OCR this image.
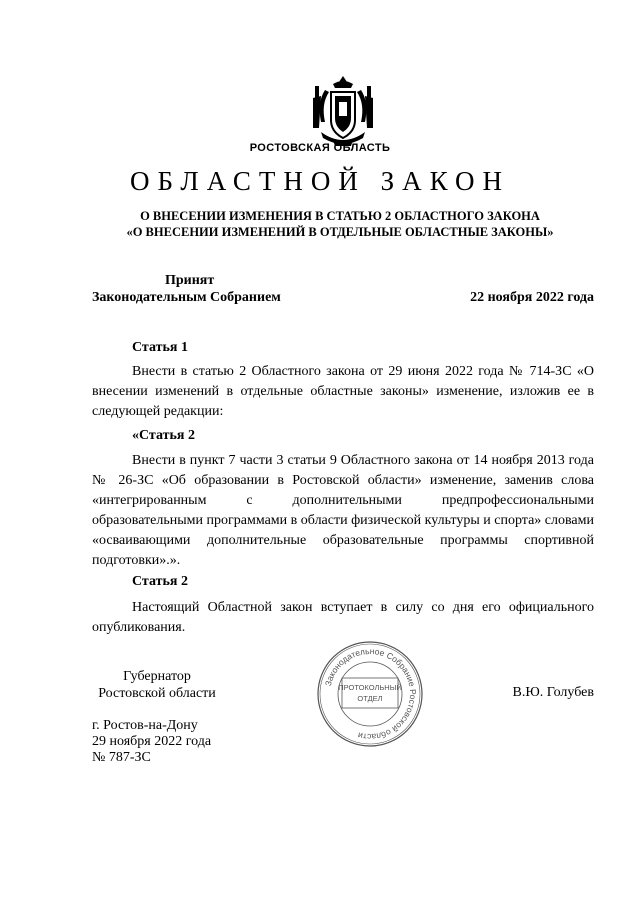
РОСТОВСКАЯ ОБЛАСТЬ
ОБЛАСТНОЙ ЗАКОН
О ВНЕСЕНИИ ИЗМЕНЕНИЯ В СТАТЬЮ 2 ОБЛАСТНОГО ЗАКОНА
«О ВНЕСЕНИИ ИЗМЕНЕНИЙ В ОТДЕЛЬНЫЕ ОБЛАСТНЫЕ ЗАКОНЫ»
Принят
Законодательным Собранием	22 ноября 2022 года
Статья 1
Внести в статью 2 Областного закона от 29 июня 2022 года № 714-ЗС «О внесении изменений в отдельные областные законы» изменение, изложив ее в следующей редакции:
«Статья 2
Внести в пункт 7 части 3 статьи 9 Областного закона от 14 ноября 2013 года № 26-ЗС «Об образовании в Ростовской области» изменение, заменив слова «интегрированным с дополнительными предпрофессиональными образовательными программами в области физической культуры и спорта» словами «осваивающими дополнительные образовательные программы спортивной подготовки».».
Статья 2
Настоящий Областной закон вступает в силу со дня его официального опубликования.
Губернатор
Ростовской области	В.Ю. Голубев
г. Ростов-на-Дону
29 ноября 2022 года
№ 787-ЗС
Законодательное Собрание Ростовской области
ПРОТОКОЛЬНЫЙ
ОТДЕЛ
